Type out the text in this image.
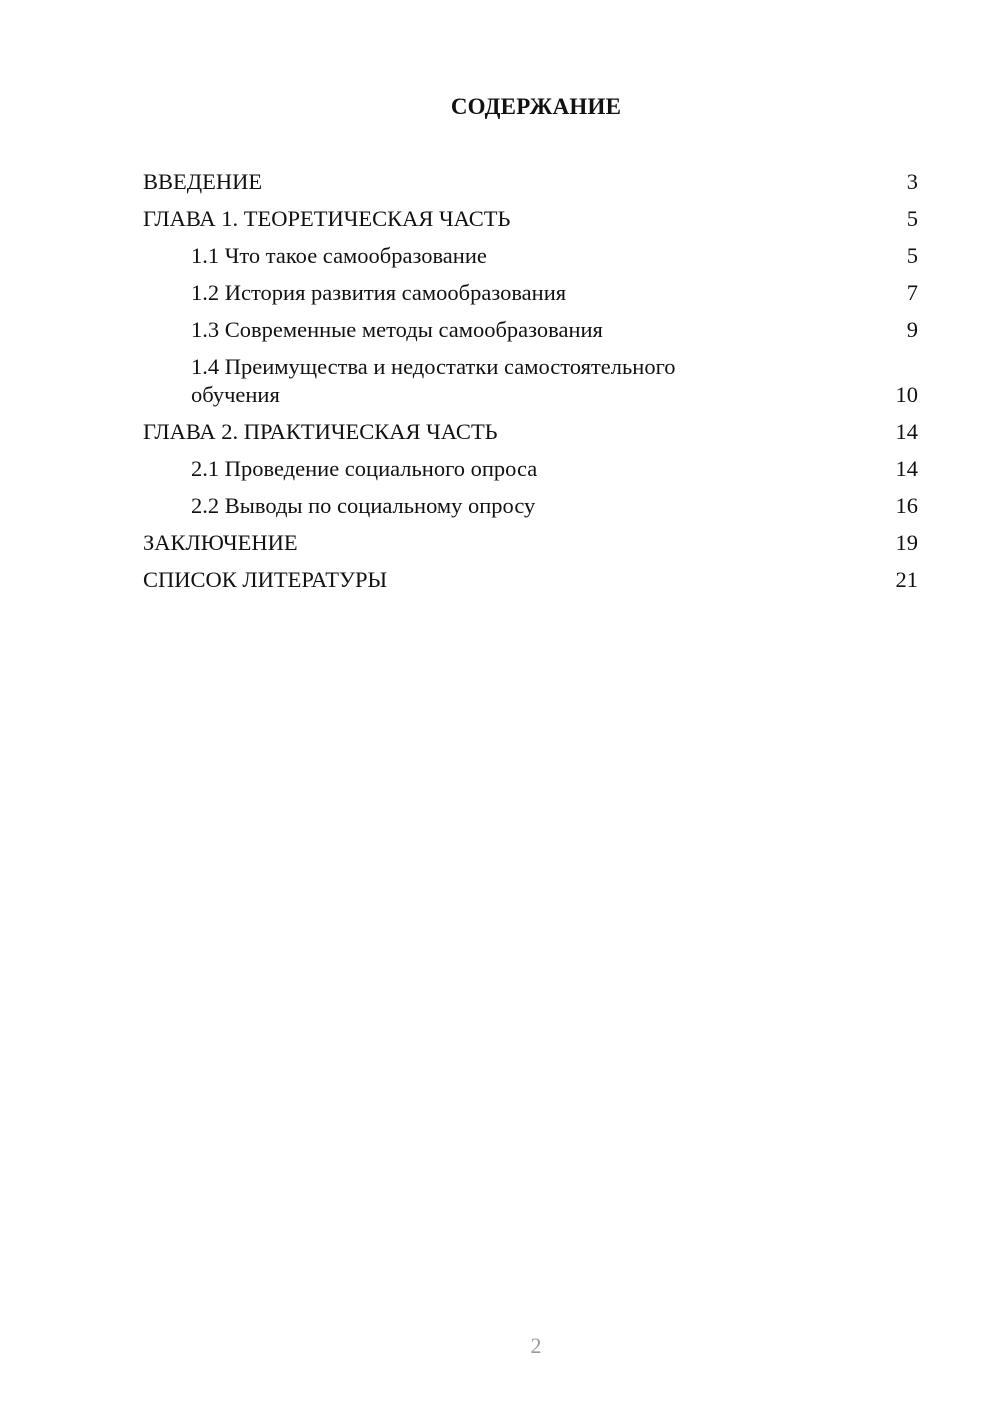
СОДЕРЖАНИЕ
ВВЕДЕНИЕ	3
ГЛАВА 1. ТЕОРЕТИЧЕСКАЯ ЧАСТЬ	5
1.1 Что такое самообразование	5
1.2 История развития самообразования	7
1.3 Современные методы самообразования	9
1.4 Преимущества и недостатки самостоятельного обучения	10
ГЛАВА 2. ПРАКТИЧЕСКАЯ ЧАСТЬ	14
2.1 Проведение социального опроса	14
2.2 Выводы по социальному опросу	16
ЗАКЛЮЧЕНИЕ	19
СПИСОК ЛИТЕРАТУРЫ	21
2
